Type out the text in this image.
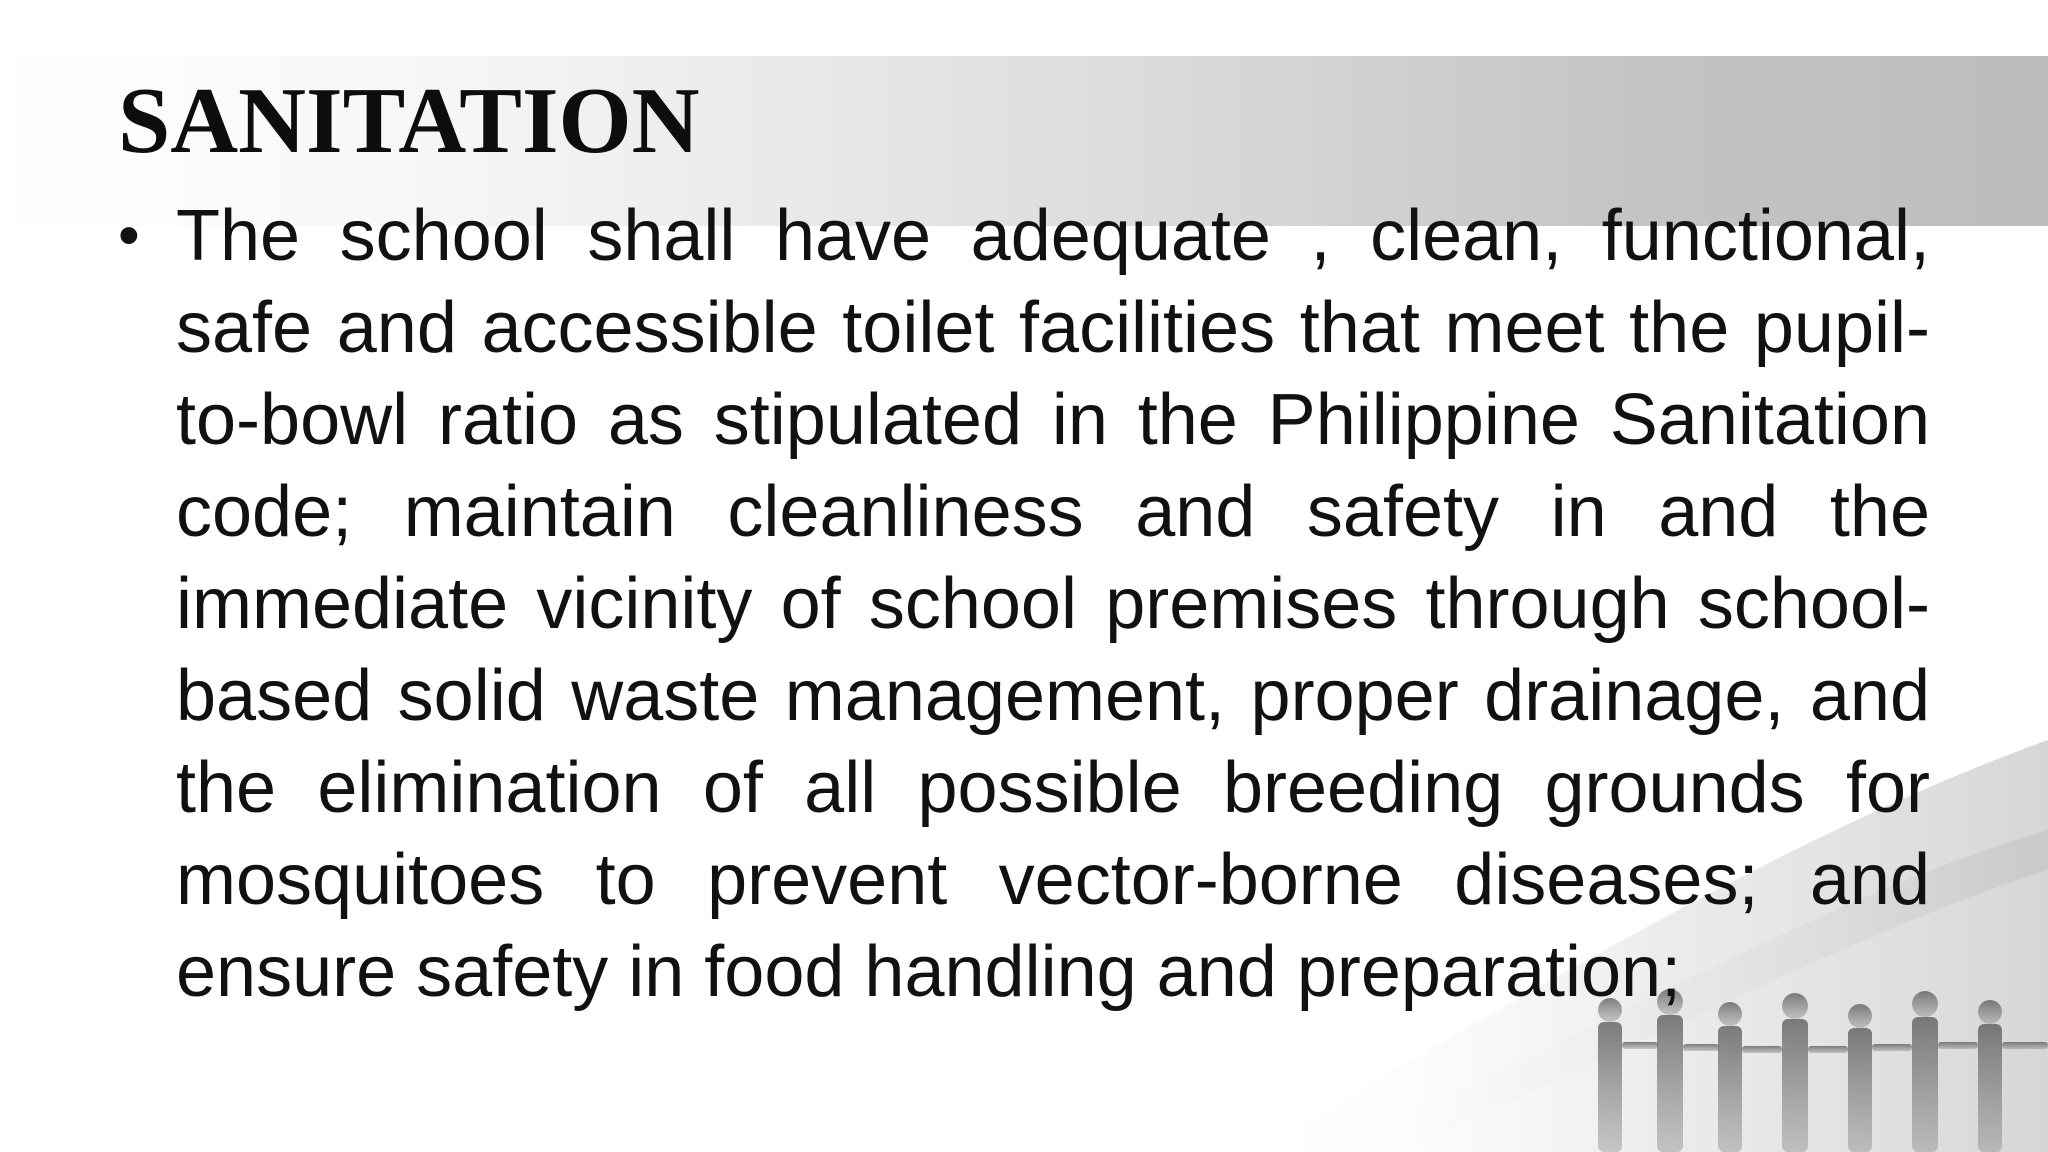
SANITATION
• The school shall have adequate , clean, functional, safe and accessible toilet facilities that meet the pupil-to-bowl ratio as stipulated in the Philippine Sanitation code; maintain cleanliness and safety in and the immediate vicinity of school premises through school-based solid waste management, proper drainage, and the elimination of all possible breeding grounds for mosquitoes to prevent vector-borne diseases; and ensure safety in food handling and preparation;
